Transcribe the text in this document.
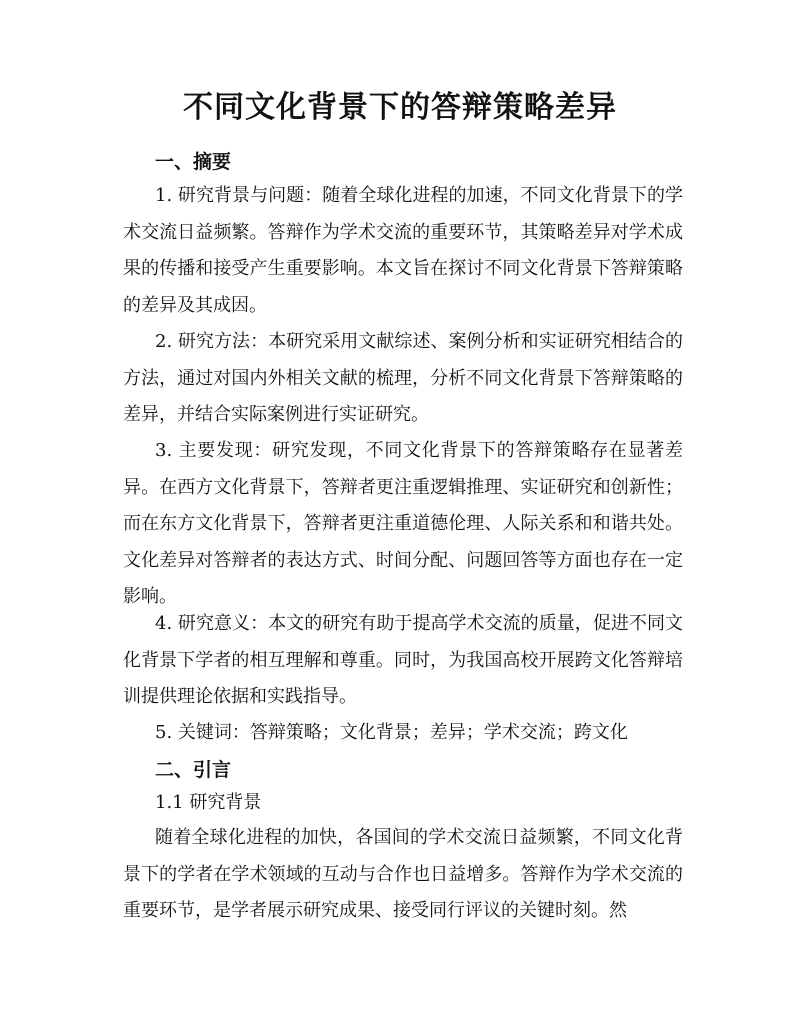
不同文化背景下的答辩策略差异
一、摘要

1. 研究背景与问题：随着全球化进程的加速，不同文化背景下的学术交流日益频繁。答辩作为学术交流的重要环节，其策略差异对学术成果的传播和接受产生重要影响。本文旨在探讨不同文化背景下答辩策略的差异及其成因。

2. 研究方法：本研究采用文献综述、案例分析和实证研究相结合的方法，通过对国内外相关文献的梳理，分析不同文化背景下答辩策略的差异，并结合实际案例进行实证研究。

3. 主要发现：研究发现，不同文化背景下的答辩策略存在显著差异。在西方文化背景下，答辩者更注重逻辑推理、实证研究和创新性；而在东方文化背景下，答辩者更注重道德伦理、人际关系和和谐共处。文化差异对答辩者的表达方式、时间分配、问题回答等方面也存在一定影响。

4. 研究意义：本文的研究有助于提高学术交流的质量，促进不同文化背景下学者的相互理解和尊重。同时，为我国高校开展跨文化答辩培训提供理论依据和实践指导。

5. 关键词：答辩策略；文化背景；差异；学术交流；跨文化

二、引言
1.1 研究背景

随着全球化进程的加快，各国间的学术交流日益频繁，不同文化背景下的学者在学术领域的互动与合作也日益增多。答辩作为学术交流的重要环节，是学者展示研究成果、接受同行评议的关键时刻。然
